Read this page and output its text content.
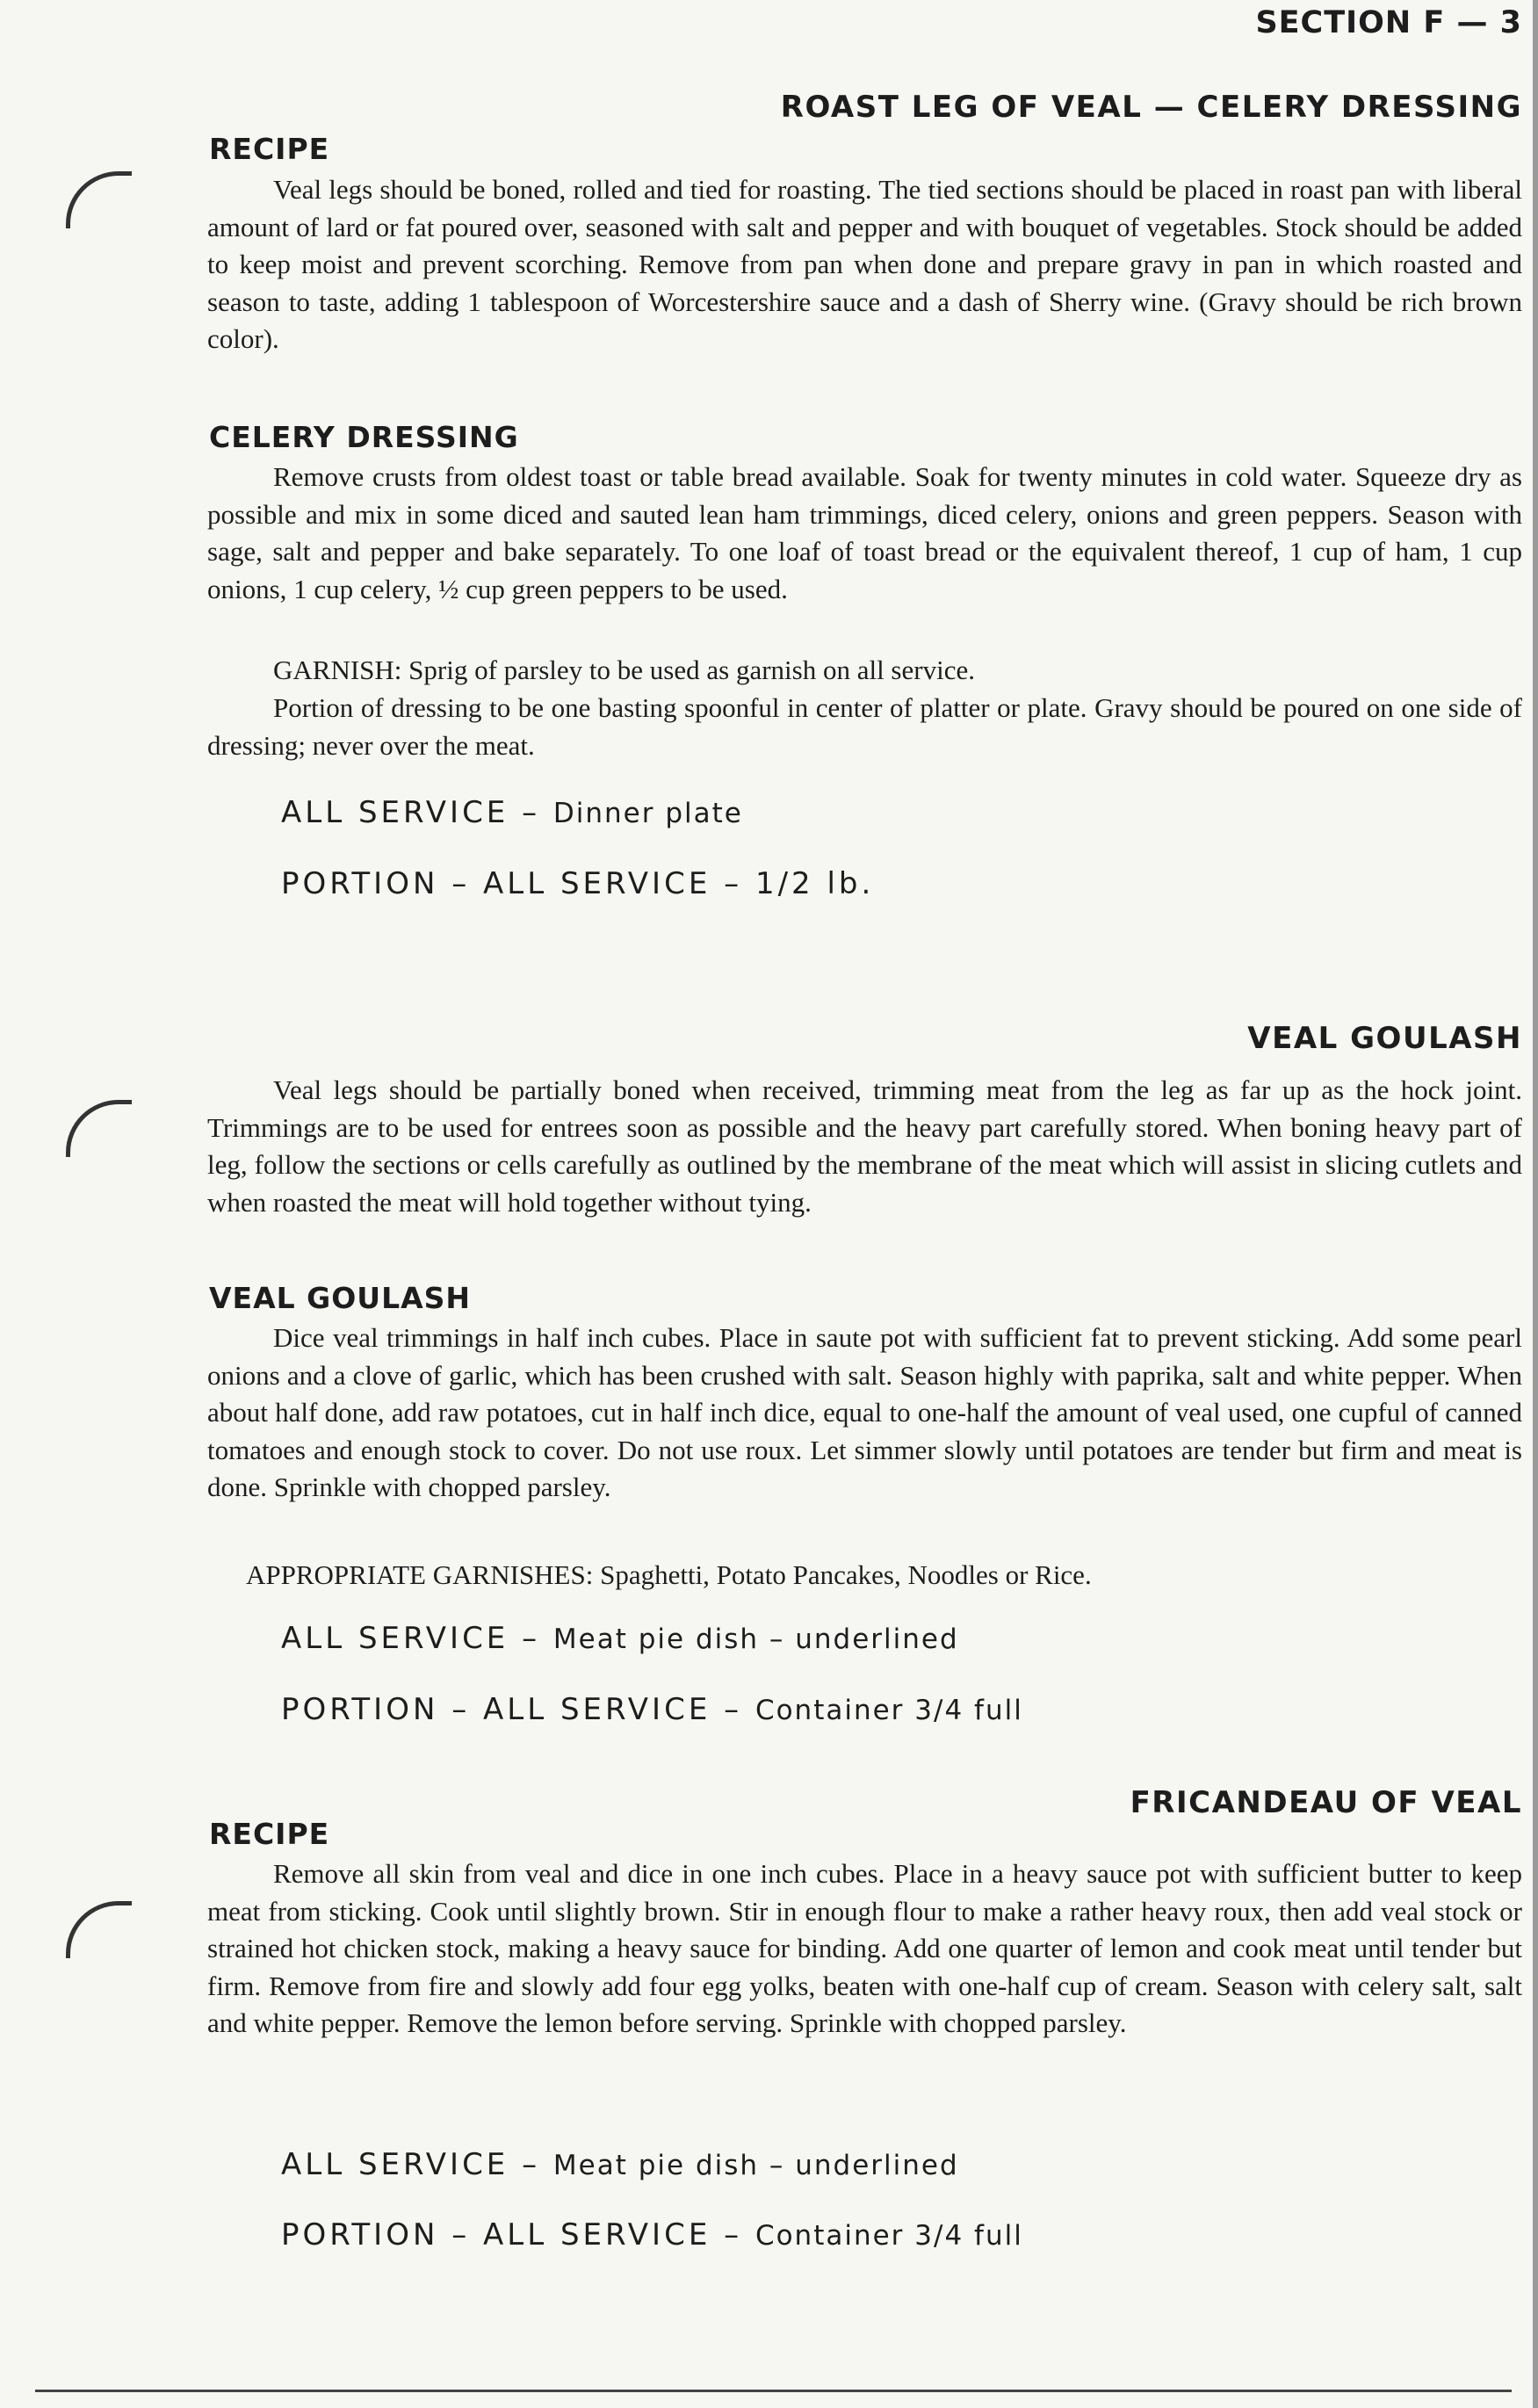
SECTION F — 3
ROAST LEG OF VEAL — CELERY DRESSING
RECIPE

Veal legs should be boned, rolled and tied for roasting. The tied sections should be placed in roast pan with liberal amount of lard or fat poured over, seasoned with salt and pepper and with bouquet of vegetables. Stock should be added to keep moist and prevent scorching. Remove from pan when done and prepare gravy in pan in which roasted and season to taste, adding 1 tablespoon of Worcestershire sauce and a dash of Sherry wine. (Gravy should be rich brown color).

CELERY DRESSING

Remove crusts from oldest toast or table bread available. Soak for twenty minutes in cold water. Squeeze dry as possible and mix in some diced and sauted lean ham trimmings, diced celery, onions and green peppers. Season with sage, salt and pepper and bake separately. To one loaf of toast bread or the equivalent thereof, 1 cup of ham, 1 cup onions, 1 cup celery, ½ cup green peppers to be used.

GARNISH: Sprig of parsley to be used as garnish on all service.

Portion of dressing to be one basting spoonful in center of platter or plate. Gravy should be poured on one side of dressing; never over the meat.

ALL SERVICE – Dinner plate
PORTION – ALL SERVICE – 1/2 lb.
VEAL GOULASH

Veal legs should be partially boned when received, trimming meat from the leg as far up as the hock joint. Trimmings are to be used for entrees soon as possible and the heavy part carefully stored. When boning heavy part of leg, follow the sections or cells carefully as outlined by the membrane of the meat which will assist in slicing cutlets and when roasted the meat will hold together without tying.

VEAL GOULASH

Dice veal trimmings in half inch cubes. Place in saute pot with sufficient fat to prevent sticking. Add some pearl onions and a clove of garlic, which has been crushed with salt. Season highly with paprika, salt and white pepper. When about half done, add raw potatoes, cut in half inch dice, equal to one-half the amount of veal used, one cupful of canned tomatoes and enough stock to cover. Do not use roux. Let simmer slowly until potatoes are tender but firm and meat is done. Sprinkle with chopped parsley.

APPROPRIATE GARNISHES: Spaghetti, Potato Pancakes, Noodles or Rice.

ALL SERVICE – Meat pie dish – underlined
PORTION – ALL SERVICE – Container 3/4 full
FRICANDEAU OF VEAL
RECIPE

Remove all skin from veal and dice in one inch cubes. Place in a heavy sauce pot with sufficient butter to keep meat from sticking. Cook until slightly brown. Stir in enough flour to make a rather heavy roux, then add veal stock or strained hot chicken stock, making a heavy sauce for binding. Add one quarter of lemon and cook meat until tender but firm. Remove from fire and slowly add four egg yolks, beaten with one-half cup of cream. Season with celery salt, salt and white pepper. Remove the lemon before serving. Sprinkle with chopped parsley.

ALL SERVICE – Meat pie dish – underlined
PORTION – ALL SERVICE – Container 3/4 full
